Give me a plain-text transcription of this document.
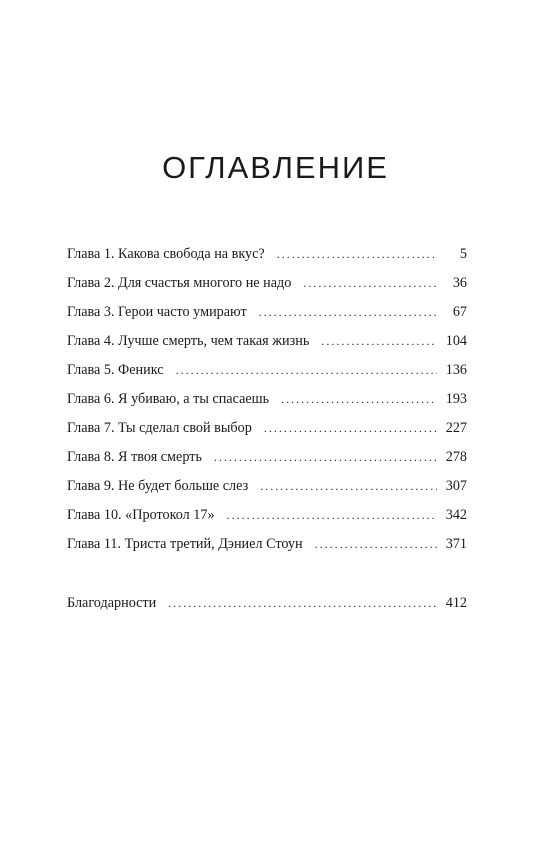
ОГЛАВЛЕНИЕ
Глава 1. Какова свобода на вкус? . . .	5
Глава 2. Для счастья многого не надо . . .	36
Глава 3. Герои часто умирают . . .	67
Глава 4. Лучше смерть, чем такая жизнь . . .	104
Глава 5. Феникс . . .	136
Глава 6. Я убиваю, а ты спасаешь . . .	193
Глава 7. Ты сделал свой выбор . . .	227
Глава 8. Я твоя смерть . . .	278
Глава 9. Не будет больше слез . . .	307
Глава 10. «Протокол 17» . . .	342
Глава 11. Триста третий, Дэниел Стоун . . .	371
Благодарности . . .	412
